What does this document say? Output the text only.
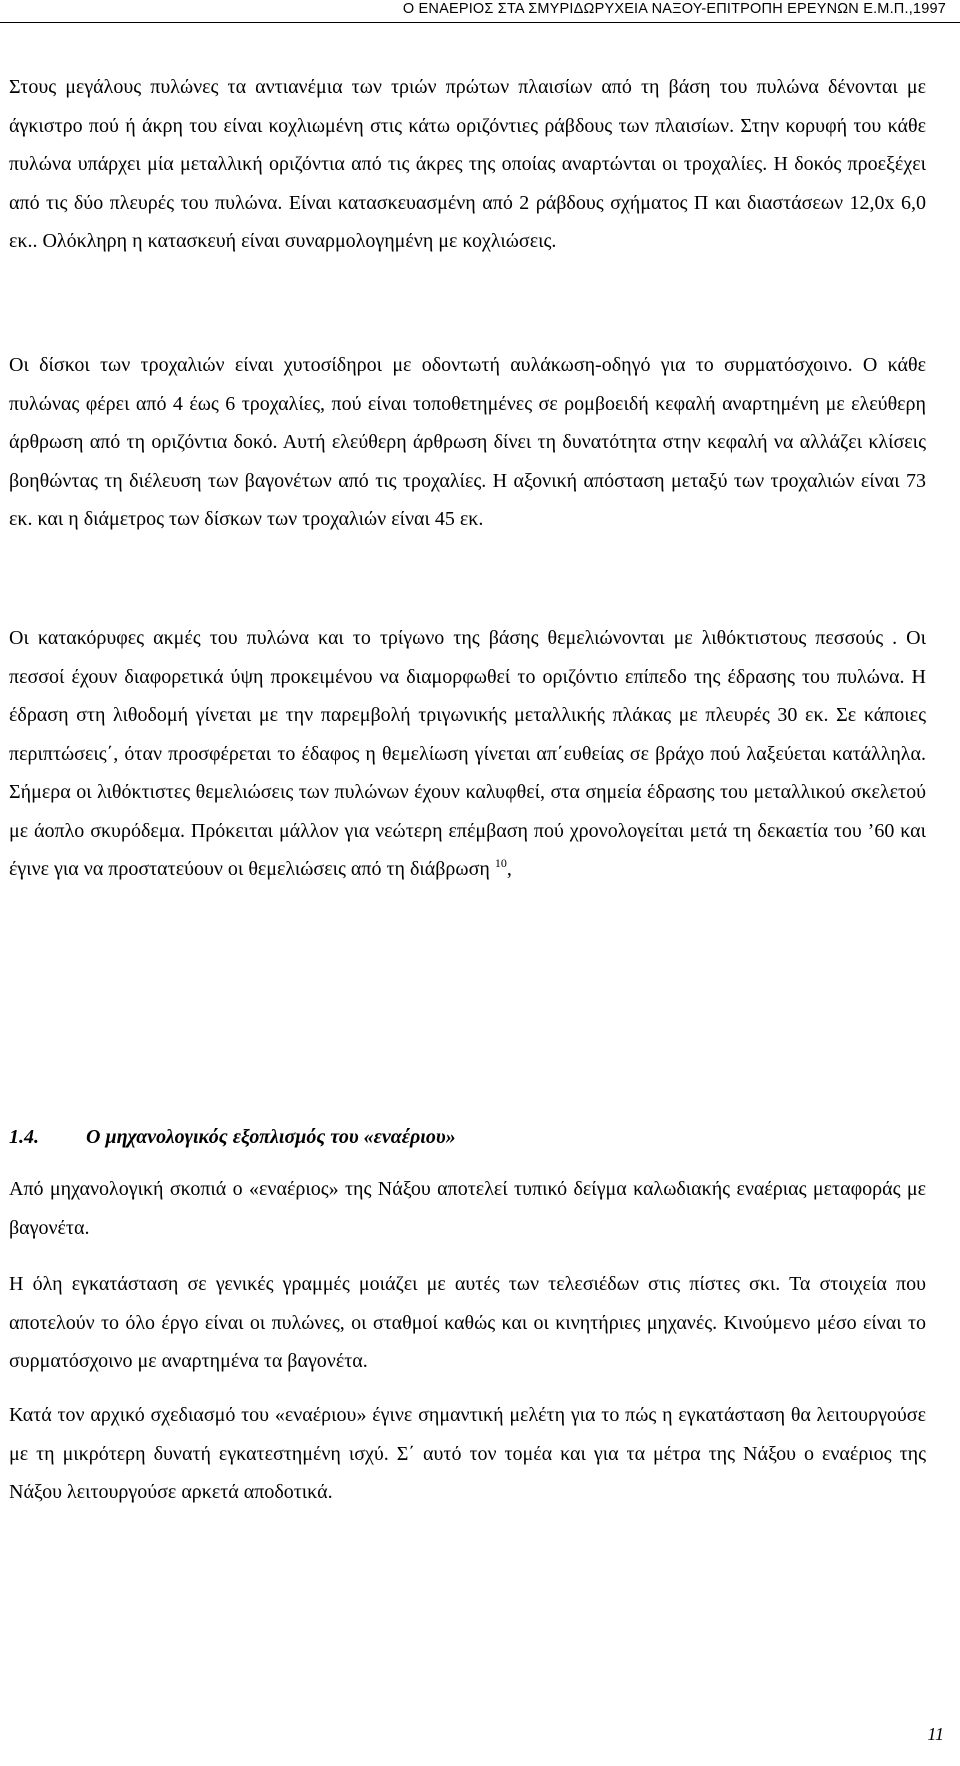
Ο ΕΝΑΕΡΙΟΣ ΣΤΑ ΣΜΥΡΙΔΩΡΥΧΕΙΑ ΝΑΞΟΥ-ΕΠΙΤΡΟΠΗ ΕΡΕΥΝΩΝ Ε.Μ.Π.,1997

Στους μεγάλους πυλώνες τα αντιανέμια των τριών πρώτων πλαισίων από τη βάση του πυλώνα δένονται με άγκιστρο πού ή άκρη του είναι κοχλιωμένη στις κάτω οριζόντιες ράβδους των πλαισίων. Στην κορυφή του κάθε πυλώνα υπάρχει μία μεταλλική οριζόντια από τις άκρες της οποίας αναρτώνται οι τροχαλίες. Η δοκός προεξέχει από τις δύο πλευρές του πυλώνα. Είναι κατασκευασμένη από 2 ράβδους σχήματος Π και διαστάσεων 12,0x 6,0 εκ.. Ολόκληρη η κατασκευή είναι συναρμολογημένη με κοχλιώσεις.

Οι δίσκοι των τροχαλιών είναι χυτοσίδηροι με οδοντωτή αυλάκωση-οδηγό για το συρματόσχοινο. Ο κάθε πυλώνας φέρει από 4 έως 6 τροχαλίες, πού είναι τοποθετημένες σε ρομβοειδή κεφαλή αναρτημένη με ελεύθερη άρθρωση από τη οριζόντια δοκό. Αυτή ελεύθερη άρθρωση δίνει τη δυνατότητα στην κεφαλή να αλλάζει κλίσεις βοηθώντας τη διέλευση των βαγονέτων από τις τροχαλίες. Η αξονική απόσταση μεταξύ των τροχαλιών είναι 73 εκ. και η διάμετρος των δίσκων των τροχαλιών είναι 45 εκ.

Οι κατακόρυφες ακμές του πυλώνα και το τρίγωνο της βάσης θεμελιώνονται με λιθόκτιστους πεσσούς . Οι πεσσοί έχουν διαφορετικά ύψη προκειμένου να διαμορφωθεί το οριζόντιο επίπεδο της έδρασης του πυλώνα. Η έδραση στη λιθοδομή γίνεται με την παρεμβολή τριγωνικής μεταλλικής πλάκας με πλευρές 30 εκ. Σε κάποιες περιπτώσεις΄, όταν προσφέρεται το έδαφος η θεμελίωση γίνεται απ΄ευθείας σε βράχο πού λαξεύεται κατάλληλα. Σήμερα οι λιθόκτιστες θεμελιώσεις των πυλώνων έχουν καλυφθεί, στα σημεία έδρασης του μεταλλικού σκελετού με άοπλο σκυρόδεμα. Πρόκειται μάλλον για νεώτερη επέμβαση πού χρονολογείται μετά τη δεκαετία του ’60 και έγινε για να προστατεύουν οι θεμελιώσεις από τη διάβρωση $^{10}$,

1.4. Ο μηχανολογικός εξοπλισμός του «εναέριου»

Από μηχανολογική σκοπιά ο «εναέριος» της Νάξου αποτελεί τυπικό δείγμα καλωδιακής εναέριας μεταφοράς με βαγονέτα.

Η όλη εγκατάσταση σε γενικές γραμμές μοιάζει με αυτές των τελεσιέδων στις πίστες σκι. Τα στοιχεία που αποτελούν το όλο έργο είναι οι πυλώνες, οι σταθμοί καθώς και οι κινητήριες μηχανές. Κινούμενο μέσο είναι το συρματόσχοινο με αναρτημένα τα βαγονέτα.

Κατά τον αρχικό σχεδιασμό του «εναέριου» έγινε σημαντική μελέτη για το πώς η εγκατάσταση θα λειτουργούσε με τη μικρότερη δυνατή εγκατεστημένη ισχύ. Σ΄ αυτό τον τομέα και για τα μέτρα της Νάξου ο εναέριος της Νάξου λειτουργούσε αρκετά αποδοτικά.

11
